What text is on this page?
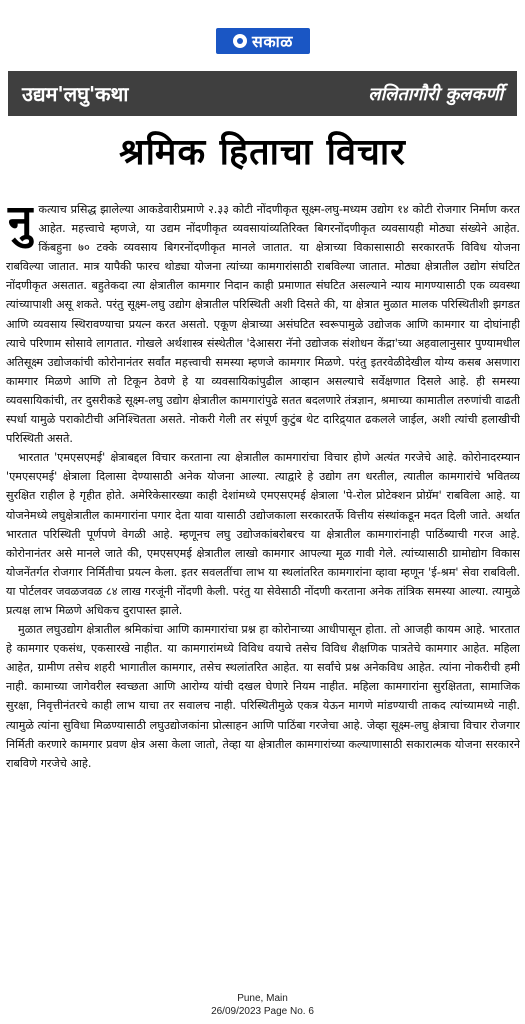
सकाळ
उद्यम'लघु'कथा	ललितागौरी कुलकर्णी
श्रमिक हिताचा विचार

नुकत्याच प्रसिद्ध झालेल्या आकडेवारीप्रमाणे २.३३ कोटी नोंदणीकृत सूक्ष्म-लघु-मध्यम उद्योग १४ कोटी रोजगार निर्माण करत आहेत. महत्त्वाचे म्हणजे, या उद्यम नोंदणीकृत व्यवसायांव्यतिरिक्त बिगरनोंदणीकृत व्यवसायही मोठ्या संख्येने आहेत. किंबहुना ७० टक्के व्यवसाय बिगरनोंदणीकृत मानले जातात. या क्षेत्राच्या विकासासाठी सरकारतर्फे विविध योजना राबविल्या जातात. मात्र यापैकी फारच थोड्या योजना त्यांच्या कामगारांसाठी राबविल्या जातात. मोठ्या क्षेत्रातील उद्योग संघटित नोंदणीकृत असतात. बहुतेकदा त्या क्षेत्रातील कामगार निदान काही प्रमाणात संघटित असल्याने न्याय मागण्यासाठी एक व्यवस्था त्यांच्यापाशी असू शकते. परंतु सूक्ष्म-लघु उद्योग क्षेत्रातील परिस्थिती अशी दिसते की, या क्षेत्रात मुळात मालक परिस्थितीशी झगडत आणि व्यवसाय स्थिरावण्याचा प्रयत्न करत असतो. एकूण क्षेत्राच्या असंघटित स्वरूपामुळे उद्योजक आणि कामगार या दोघांनाही त्याचे परिणाम सोसावे लागतात. गोखले अर्थशास्त्र संस्थेतील 'देआसरा नॅनो उद्योजक संशोधन केंद्रा'च्या अहवालानुसार पुण्यामधील अतिसूक्ष्म उद्योजकांची कोरोनानंतर सर्वांत महत्त्वाची समस्या म्हणजे कामगार मिळणे. परंतु इतरवेळीदेखील योग्य कसब असणारा कामगार मिळणे आणि तो टिकून ठेवणे हे या व्यवसायिकांपुढील आव्हान असल्याचे सर्वेक्षणात दिसले आहे. ही समस्या व्यवसायिकांची, तर दुसरीकडे सूक्ष्म-लघु उद्योग क्षेत्रातील कामगारांपुढे सतत बदलणारे तंत्रज्ञान, श्रमाच्या कामातील तरुणांची वाढती स्पर्धा यामुळे पराकोटीची अनिश्चितता असते. नोकरी गेली तर संपूर्ण कुटुंब थेट दारिद्र्यात ढकलले जाईल, अशी त्यांची हलाखीची परिस्थिती असते.

भारतात 'एमएसएमई' क्षेत्राबद्दल विचार करताना त्या क्षेत्रातील कामगारांचा विचार होणे अत्यंत गरजेचे आहे. कोरोनादरम्यान 'एमएसएमई' क्षेत्राला दिलासा देण्यासाठी अनेक योजना आल्या. त्याद्वारे हे उद्योग तग धरतील, त्यातील कामगारांचे भवितव्य सुरक्षित राहील हे गृहीत होते. अमेरिकेसारख्या काही देशांमध्ये एमएसएमई क्षेत्राला 'पे-रोल प्रोटेक्शन प्रोग्रॅम' राबविला आहे. या योजनेमध्ये लघुक्षेत्रातील कामगारांना पगार देता यावा यासाठी उद्योजकाला सरकारतर्फे वित्तीय संस्थांकडून मदत दिली जाते. अर्थात भारतात परिस्थिती पूर्णपणे वेगळी आहे. म्हणूनच लघु उद्योजकांबरोबरच या क्षेत्रातील कामगारांनाही पाठिंब्याची गरज आहे. कोरोनानंतर असे मानले जाते की, एमएसएमई क्षेत्रातील लाखो कामगार आपल्या मूळ गावी गेले. त्यांच्यासाठी ग्रामोद्योग विकास योजनेंतर्गत रोजगार निर्मितीचा प्रयत्न केला. इतर सवलतींचा लाभ या स्थलांतरित कामगारांना व्हावा म्हणून 'ई-श्रम' सेवा राबविली. या पोर्टलवर जवळजवळ ८४ लाख गरजूंनी नोंदणी केली. परंतु या सेवेसाठी नोंदणी करताना अनेक तांत्रिक समस्या आल्या. त्यामुळे प्रत्यक्ष लाभ मिळणे अधिकच दुरापास्त झाले.

मुळात लघुउद्योग क्षेत्रातील श्रमिकांचा आणि कामगारांचा प्रश्न हा कोरोनाच्या आधीपासून होता. तो आजही कायम आहे. भारतात हे कामगार एकसंध, एकसारखे नाहीत. या कामगारांमध्ये विविध वयाचे तसेच विविध शैक्षणिक पात्रतेचे कामगार आहेत. महिला आहेत, ग्रामीण तसेच शहरी भागातील कामगार, तसेच स्थलांतरित आहेत. या सर्वांचे प्रश्न अनेकविध आहेत. त्यांना नोकरीची हमी नाही. कामाच्या जागेवरील स्वच्छता आणि आरोग्य यांची दखल घेणारे नियम नाहीत. महिला कामगारांना सुरक्षितता, सामाजिक सुरक्षा, निवृत्तीनंतरचे काही लाभ याचा तर सवालच नाही. परिस्थितीमुळे एकत्र येऊन मागणे मांडण्याची ताकद त्यांच्यामध्ये नाही. त्यामुळे त्यांना सुविधा मिळण्यासाठी लघुउद्योजकांना प्रोत्साहन आणि पाठिंबा गरजेचा आहे. जेव्हा सूक्ष्म-लघु क्षेत्राचा विचार रोजगार निर्मिती करणारे कामगार प्रवण क्षेत्र असा केला जातो, तेव्हा या क्षेत्रातील कामगारांच्या कल्याणासाठी सकारात्मक योजना सरकारने राबविणे गरजेचे आहे.

Pune, Main
26/09/2023 Page No. 6
